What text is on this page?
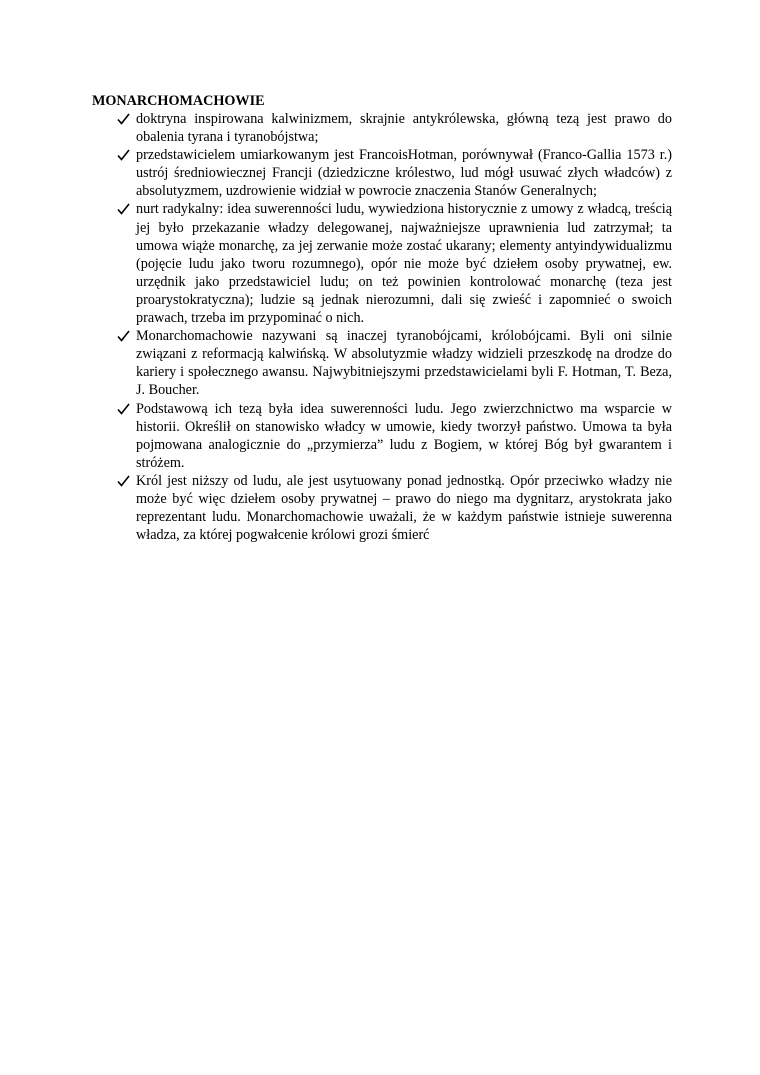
MONARCHOMACHOWIE
doktryna inspirowana kalwinizmem, skrajnie antykrólewska, główną tezą jest prawo do obalenia tyrana i tyranobójstwa;
przedstawicielem umiarkowanym jest FrancoisHotman, porównywał (Franco-Gallia 1573 r.) ustrój średniowiecznej Francji (dziedziczne królestwo, lud mógł usuwać złych władców) z absolutyzmem, uzdrowienie widział w powrocie znaczenia Stanów Generalnych;
nurt radykalny: idea suwerenności ludu, wywiedziona historycznie z umowy z władcą, treścią jej było przekazanie władzy delegowanej, najważniejsze uprawnienia lud zatrzymał; ta umowa wiąże monarchę, za jej zerwanie może zostać ukarany; elementy antyindywidualizmu (pojęcie ludu jako tworu rozumnego), opór nie może być dziełem osoby prywatnej, ew. urzędnik jako przedstawiciel ludu; on też powinien kontrolować monarchę (teza jest proarystokratyczna); ludzie są jednak nierozumni, dali się zwieść i zapomnieć o swoich prawach, trzeba im przypominać o nich.
Monarchomachowie nazywani są inaczej tyranobójcami, królobójcami. Byli oni silnie związani z reformacją kalwińską. W absolutyzmie władzy widzieli przeszkodę na drodze do kariery i społecznego awansu. Najwybitniejszymi przedstawicielami byli F. Hotman, T. Beza, J. Boucher.
Podstawową ich tezą była idea suwerenności ludu. Jego zwierzchnictwo ma wsparcie w historii. Określił on stanowisko władcy w umowie, kiedy tworzył państwo. Umowa ta była pojmowana analogicznie do „przymierza” ludu z Bogiem, w której Bóg był gwarantem i stróżem.
Król jest niższy od ludu, ale jest usytuowany ponad jednostką. Opór przeciwko władzy nie może być więc dziełem osoby prywatnej – prawo do niego ma dygnitarz, arystokrata jako reprezentant ludu. Monarchomachowie uważali, że w każdym państwie istnieje suwerenna władza, za której pogwałcenie królowi grozi śmierć
